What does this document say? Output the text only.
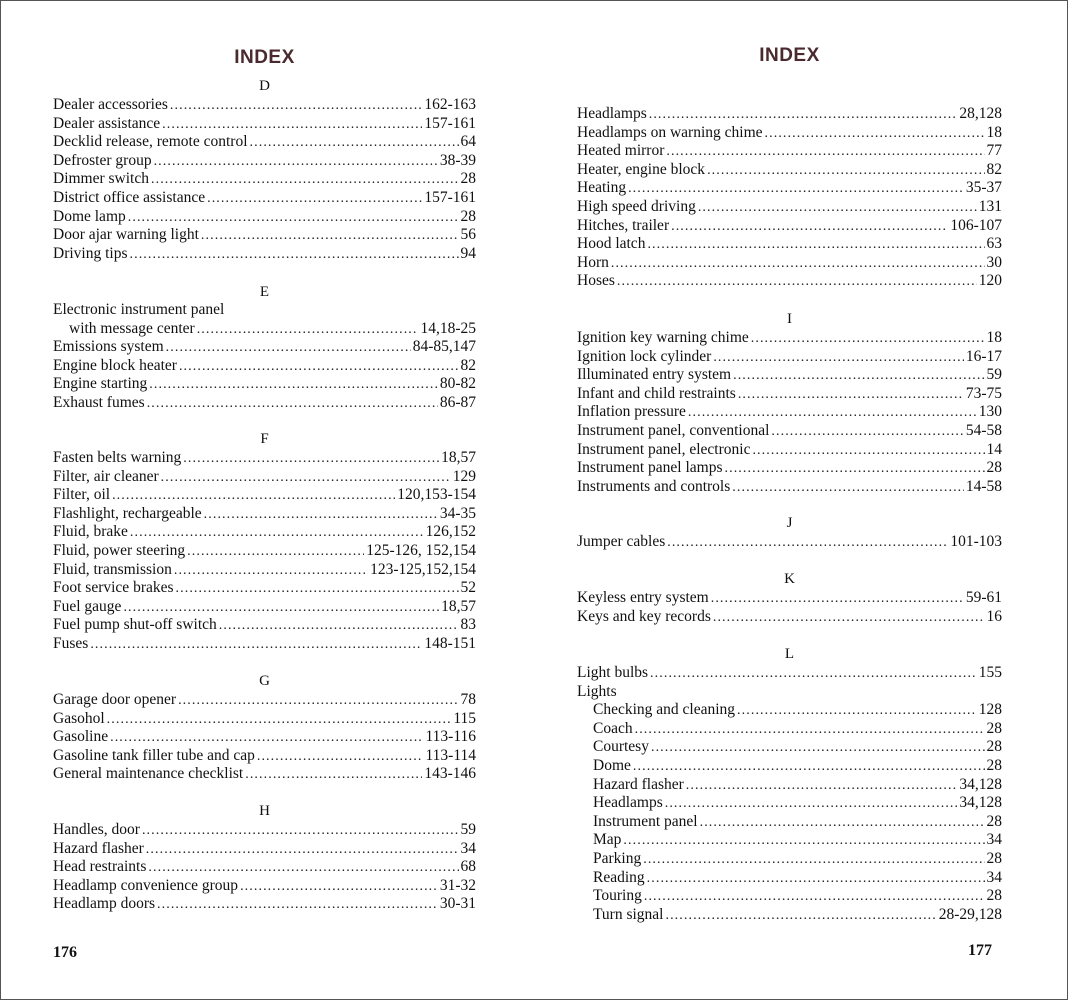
INDEX
D
Dealer accessories . . .	162-163
Dealer assistance . . .	157-161
Decklid release, remote control . . .	64
Defroster group . . .	38-39
Dimmer switch . . .	28
District office assistance . . .	157-161
Dome lamp . . .	28
Door ajar warning light . . .	56
Driving tips . . .	94
E
Electronic instrument panel
with message center . . .	14,18-25
Emissions system . . .	84-85,147
Engine block heater . . .	82
Engine starting . . .	80-82
Exhaust fumes . . .	86-87
F
Fasten belts warning . . .	18,57
Filter, air cleaner . . .	129
Filter, oil . . .	120,153-154
Flashlight, rechargeable . . .	34-35
Fluid, brake . . .	126,152
Fluid, power steering . . .	125-126, 152,154
Fluid, transmission . . .	123-125,152,154
Foot service brakes . . .	52
Fuel gauge . . .	18,57
Fuel pump shut-off switch . . .	83
Fuses . . .	148-151
G
Garage door opener . . .	78
Gasohol . . .	115
Gasoline . . .	113-116
Gasoline tank filler tube and cap . . .	113-114
General maintenance checklist . . .	143-146
H
Handles, door . . .	59
Hazard flasher . . .	34
Head restraints . . .	68
Headlamp convenience group . . .	31-32
Headlamp doors . . .	30-31
176
INDEX
Headlamps . . .	28,128
Headlamps on warning chime . . .	18
Heated mirror . . .	77
Heater, engine block . . .	82
Heating . . .	35-37
High speed driving . . .	131
Hitches, trailer . . .	106-107
Hood latch . . .	63
Horn . . .	30
Hoses . . .	120
I
Ignition key warning chime . . .	18
Ignition lock cylinder . . .	16-17
Illuminated entry system . . .	59
Infant and child restraints . . .	73-75
Inflation pressure . . .	130
Instrument panel, conventional . . .	54-58
Instrument panel, electronic . . .	14
Instrument panel lamps . . .	28
Instruments and controls . . .	14-58
J
Jumper cables . . .	101-103
K
Keyless entry system . . .	59-61
Keys and key records . . .	16
L
Light bulbs . . .	155
Lights
Checking and cleaning . . .	128
Coach . . .	28
Courtesy . . .	28
Dome . . .	28
Hazard flasher . . .	34,128
Headlamps . . .	34,128
Instrument panel . . .	28
Map . . .	34
Parking . . .	28
Reading . . .	34
Touring . . .	28
Turn signal . . .	28-29,128
177
